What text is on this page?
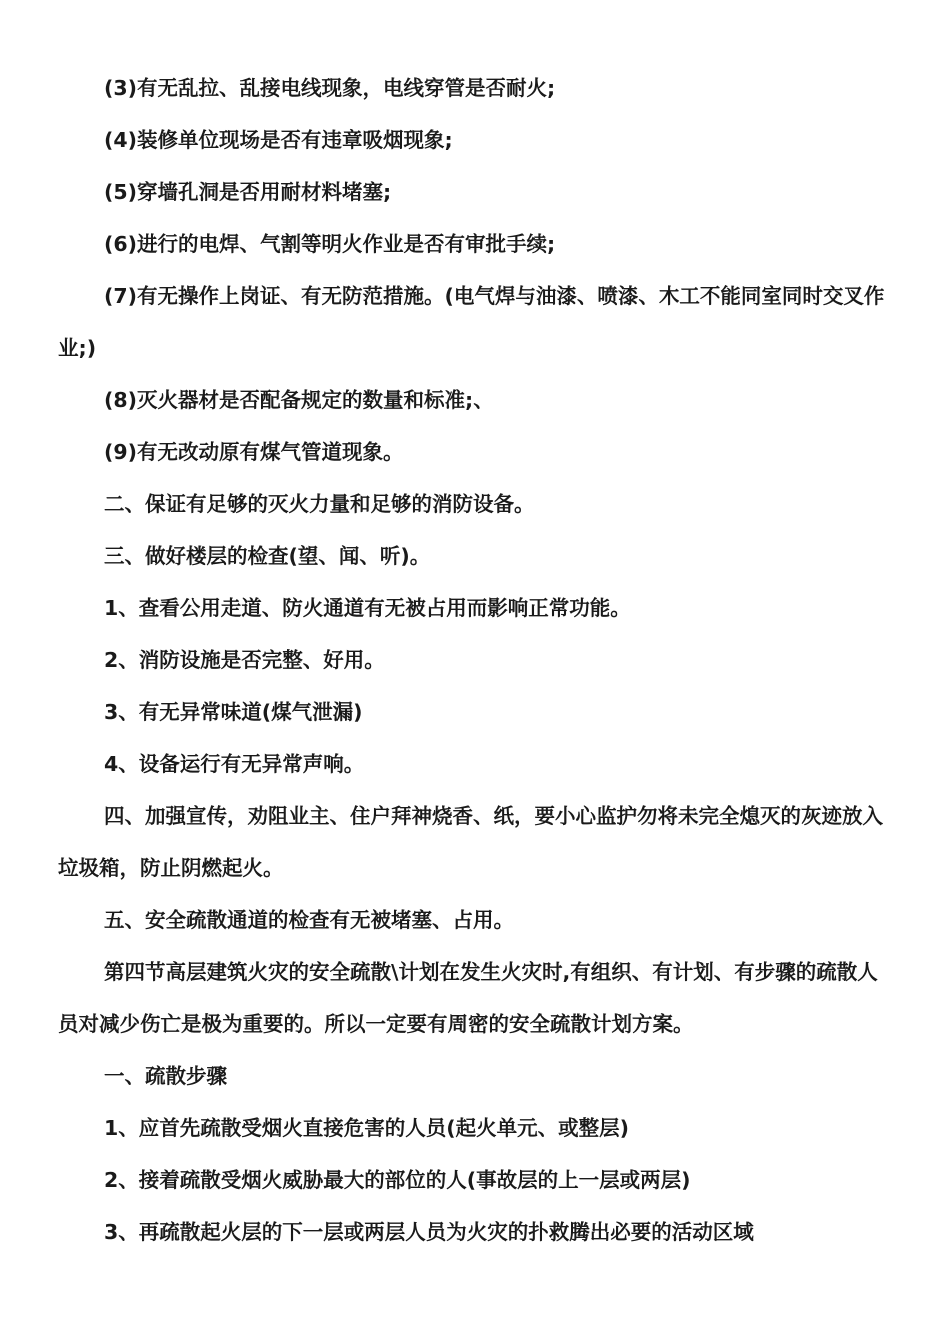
(3)有无乱拉、乱接电线现象，电线穿管是否耐火;

(4)装修单位现场是否有违章吸烟现象;

(5)穿墙孔洞是否用耐材料堵塞;

(6)进行的电焊、气割等明火作业是否有审批手续;

(7)有无操作上岗证、有无防范措施。(电气焊与油漆、喷漆、木工不能同室同时交叉作业;)

(8)灭火器材是否配备规定的数量和标准;、

(9)有无改动原有煤气管道现象。

二、保证有足够的灭火力量和足够的消防设备。

三、做好楼层的检查(望、闻、听)。

1、查看公用走道、防火通道有无被占用而影响正常功能。

2、消防设施是否完整、好用。

3、有无异常味道(煤气泄漏)

4、设备运行有无异常声响。

四、加强宣传，劝阻业主、住户拜神烧香、纸，要小心监护勿将未完全熄灭的灰迹放入垃圾箱，防止阴燃起火。

五、安全疏散通道的检查有无被堵塞、占用。

第四节高层建筑火灾的安全疏散\计划在发生火灾时,有组织、有计划、有步骤的疏散人员对减少伤亡是极为重要的。所以一定要有周密的安全疏散计划方案。

一、疏散步骤

1、应首先疏散受烟火直接危害的人员(起火单元、或整层)

2、接着疏散受烟火威胁最大的部位的人(事故层的上一层或两层)

3、再疏散起火层的下一层或两层人员为火灾的扑救腾出必要的活动区域
